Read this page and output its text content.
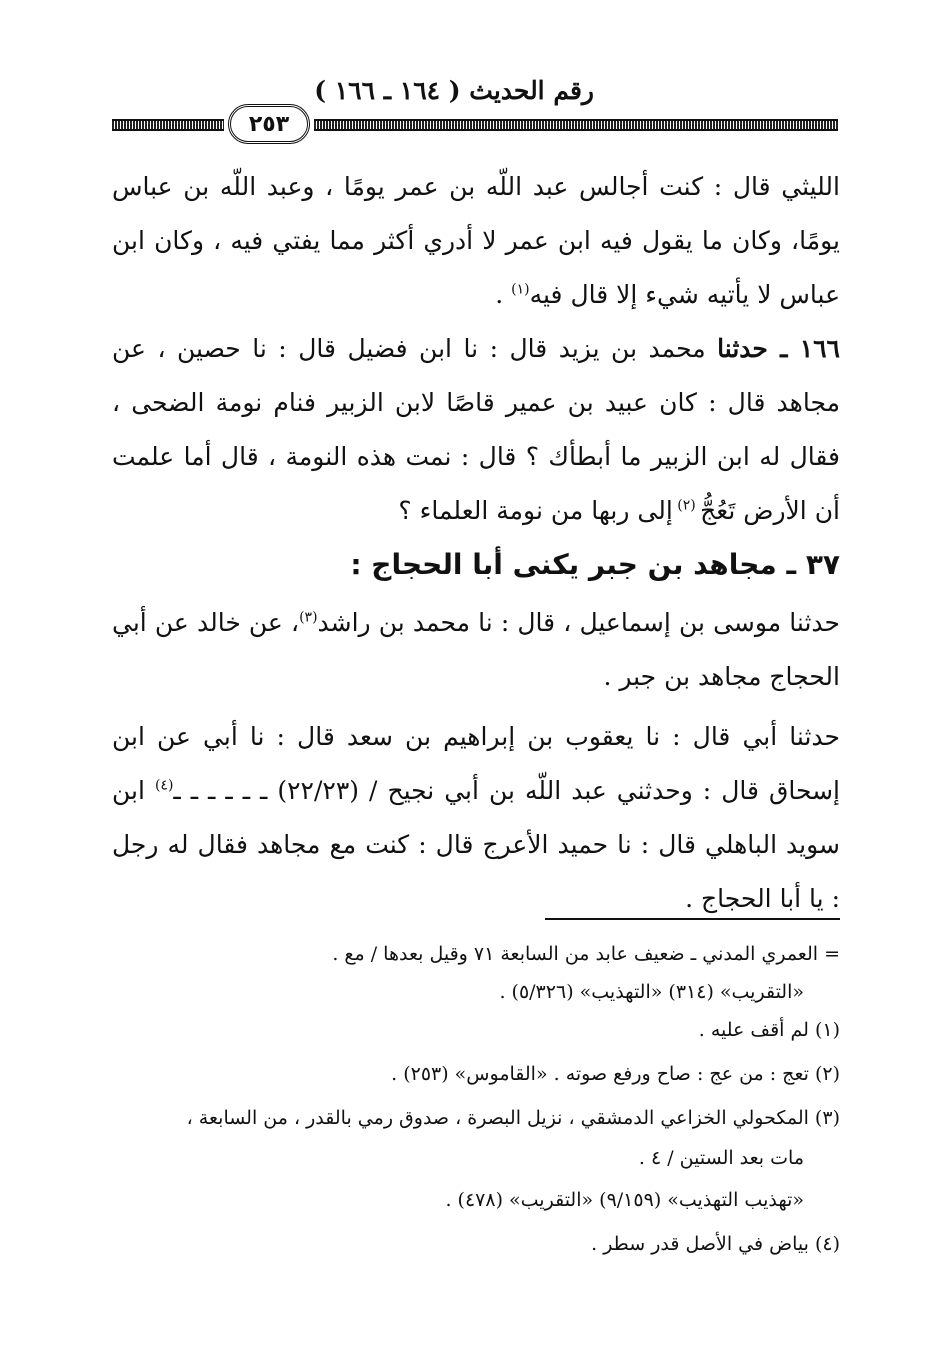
رقم الحديث ( ١٦٤ ـ ١٦٦ )
٢٥٣
الليثي قال : كنت أجالس عبد اللّه بن عمر يومًا ، وعبد اللّه بن عباس يومًا، وكان ما يقول فيه ابن عمر لا أدري أكثر مما يفتي فيه ، وكان ابن عباس لا يأتيه شيء إلا قال فيه$^{(١)}$ .
١٦٦ ـ حدثنا محمد بن يزيد قال : نا ابن فضيل قال : نا حصين ، عن مجاهد قال : كان عبيد بن عمير قاصًا لابن الزبير فنام نومة الضحى ، فقال له ابن الزبير ما أبطأك ؟ قال : نمت هذه النومة ، قال أما علمت أن الأرض تَعُجُّ $^{(٢)}$ إلى ربها من نومة العلماء ؟
٣٧ ـ مجاهد بن جبر يكنى أبا الحجاج :
حدثنا موسى بن إسماعيل ، قال : نا محمد بن راشد$^{(٣)}$، عن خالد عن أبي الحجاج مجاهد بن جبر .
حدثنا أبي قال : نا يعقوب بن إبراهيم بن سعد قال : نا أبي عن ابن إسحاق قال : وحدثني عبد اللّه بن أبي نجيح / (٢٢/٢٣) ـ ـ ـ ـ ـ ـ$^{(٤)}$ ابن سويد الباهلي قال : نا حميد الأعرج قال : كنت مع مجاهد فقال له رجل : يا أبا الحجاج .
= العمري المدني ـ ضعيف عابد من السابعة ٧١ وقيل بعدها / مع .
«التقريب» (٣١٤) «التهذيب» (٥/٣٢٦) .
(١) لم أقف عليه .
(٢) تعج : من عج : صاح ورفع صوته . «القاموس» (٢٥٣) .
(٣) المكحولي الخزاعي الدمشقي ، نزيل البصرة ، صدوق رمي بالقدر ، من السابعة ،
مات بعد الستين / ٤ .
«تهذيب التهذيب» (٩/١٥٩) «التقريب» (٤٧٨) .
(٤) بياض في الأصل قدر سطر .
